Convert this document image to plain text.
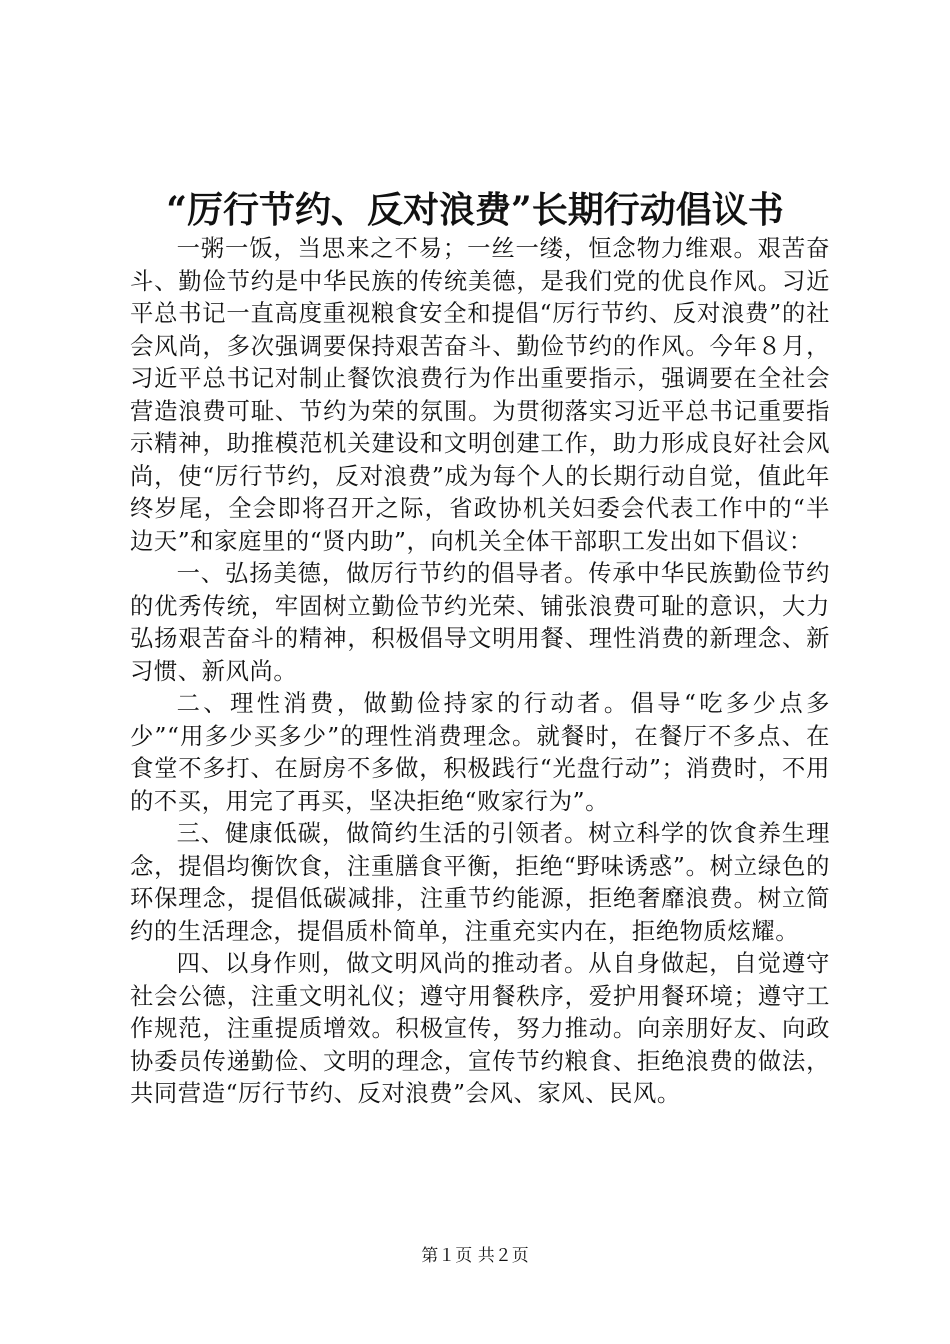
“厉行节约、反对浪费”长期行动倡议书

一粥一饭，当思来之不易；一丝一缕，恒念物力维艰。艰苦奋斗、勤俭节约是中华民族的传统美德，是我们党的优良作风。习近平总书记一直高度重视粮食安全和提倡“厉行节约、反对浪费”的社会风尚，多次强调要保持艰苦奋斗、勤俭节约的作风。今年８月，习近平总书记对制止餐饮浪费行为作出重要指示，强调要在全社会营造浪费可耻、节约为荣的氛围。为贯彻落实习近平总书记重要指示精神，助推模范机关建设和文明创建工作，助力形成良好社会风尚，使“厉行节约，反对浪费”成为每个人的长期行动自觉，值此年终岁尾，全会即将召开之际，省政协机关妇委会代表工作中的“半边天”和家庭里的“贤内助”，向机关全体干部职工发出如下倡议：

一、弘扬美德，做厉行节约的倡导者。传承中华民族勤俭节约的优秀传统，牢固树立勤俭节约光荣、铺张浪费可耻的意识，大力弘扬艰苦奋斗的精神，积极倡导文明用餐、理性消费的新理念、新习惯、新风尚。

二、理性消费，做勤俭持家的行动者。倡导“吃多少点多少”“用多少买多少”的理性消费理念。就餐时，在餐厅不多点、在食堂不多打、在厨房不多做，积极践行“光盘行动”；消费时，不用的不买，用完了再买，坚决拒绝“败家行为”。

三、健康低碳，做简约生活的引领者。树立科学的饮食养生理念，提倡均衡饮食，注重膳食平衡，拒绝“野味诱惑”。树立绿色的环保理念，提倡低碳减排，注重节约能源，拒绝奢靡浪费。树立简约的生活理念，提倡质朴简单，注重充实内在，拒绝物质炫耀。

四、以身作则，做文明风尚的推动者。从自身做起，自觉遵守社会公德，注重文明礼仪；遵守用餐秩序，爱护用餐环境；遵守工作规范，注重提质增效。积极宣传，努力推动。向亲朋好友、向政协委员传递勤俭、文明的理念，宣传节约粮食、拒绝浪费的做法，共同营造“厉行节约、反对浪费”会风、家风、民风。

第１页 共２页
